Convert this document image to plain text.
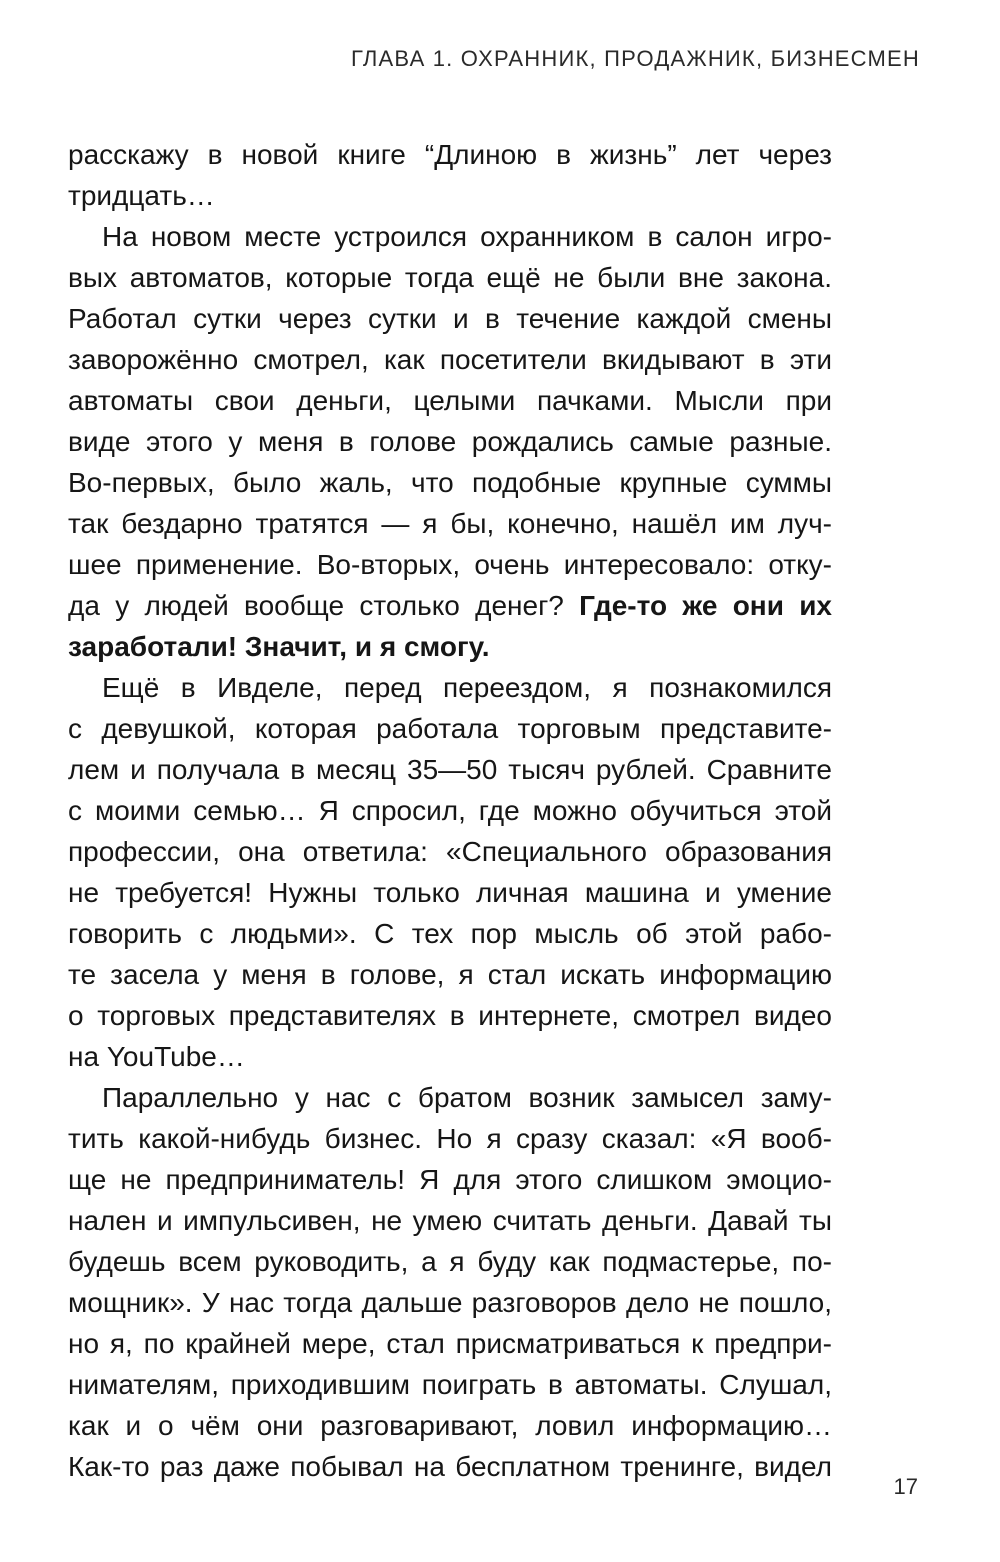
ГЛАВА 1. ОХРАННИК, ПРОДАЖНИК, БИЗНЕСМЕН
расскажу в новой книге “Длиною в жизнь” лет через
тридцать…
На новом месте устроился охранником в салон игро-
вых автоматов, которые тогда ещё не были вне закона.
Работал сутки через сутки и в течение каждой смены
заворожённо смотрел, как посетители вкидывают в эти
автоматы свои деньги, целыми пачками. Мысли при
виде этого у меня в голове рождались самые разные.
Во-первых, было жаль, что подобные крупные суммы
так бездарно тратятся — я бы, конечно, нашёл им луч-
шее применение. Во-вторых, очень интересовало: отку-
да у людей вообще столько денег? Где-то же они их
заработали! Значит, и я смогу.
Ещё в Ивделе, перед переездом, я познакомился
с девушкой, которая работала торговым представите-
лем и получала в месяц 35—50 тысяч рублей. Сравните
с моими семью… Я спросил, где можно обучиться этой
профессии, она ответила: «Специального образования
не требуется! Нужны только личная машина и умение
говорить с людьми». С тех пор мысль об этой рабо-
те засела у меня в голове, я стал искать информацию
о торговых представителях в интернете, смотрел видео
на YouTube…
Параллельно у нас с братом возник замысел заму-
тить какой-нибудь бизнес. Но я сразу сказал: «Я вооб-
ще не предприниматель! Я для этого слишком эмоцио-
нален и импульсивен, не умею считать деньги. Давай ты
будешь всем руководить, а я буду как подмастерье, по-
мощник». У нас тогда дальше разговоров дело не пошло,
но я, по крайней мере, стал присматриваться к предпри-
нимателям, приходившим поиграть в автоматы. Слушал,
как и о чём они разговаривают, ловил информацию…
Как-то раз даже побывал на бесплатном тренинге, видел
17
